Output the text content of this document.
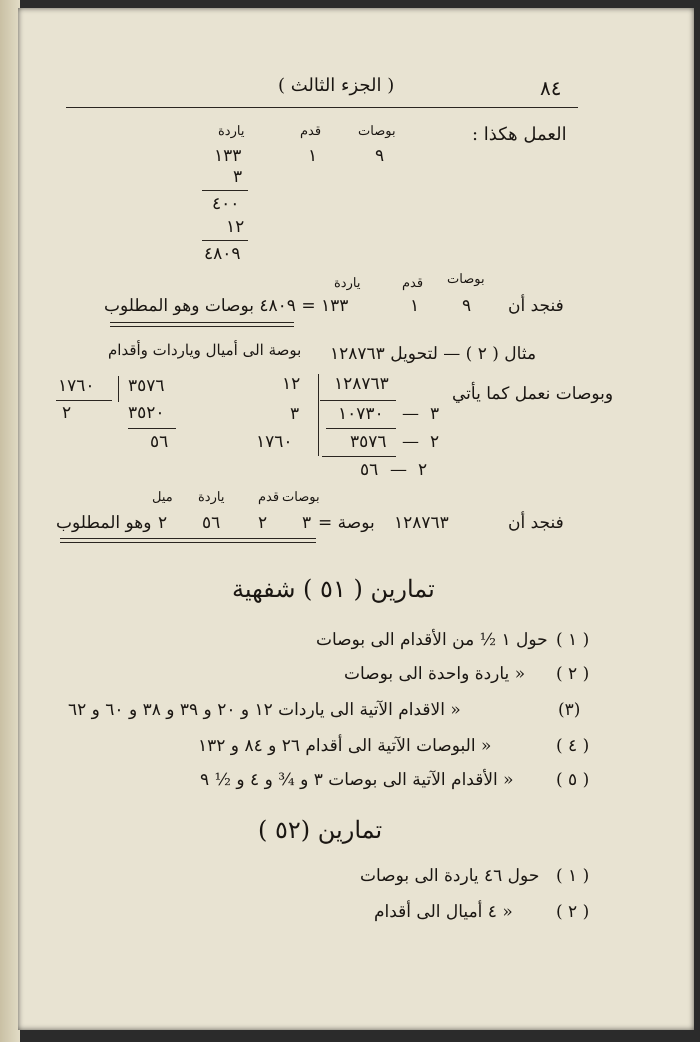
٨٤
( الجزء الثالث )
العمل هكذا :
بوصات
قدم
ياردة
٩
١
١٣٣
٣
٤٠٠
١٢
٤٨٠٩
بوصات
قدم
ياردة
فنجد أن
٩
١
١٣٣ = ٤٨٠٩ بوصات وهو المطلوب
مثال ( ٢ ) — لتحويل ١٢٨٧٦٣
بوصة الى أميال وياردات وأقدام
وبوصات نعمل كما يأتي
١٢٨٧٦٣
١٢
٣
—
١٠٧٣٠
٣
٢
—
٣٥٧٦
١٧٦٠
٢
—
٥٦
٣٥٧٦
١٧٦٠
٣٥٢٠
٢
٥٦
بوصات
قدم
ياردة
ميل
فنجد أن
١٢٨٧٦٣
بوصة =
٣
٢
٥٦
٢
وهو المطلوب
تمارين ( ٥١ ) شفهية
( ١ )
حول ١ ½ من الأقدام الى بوصات
( ٢ )
« ياردة واحدة الى بوصات
(٣)
« الاقدام الآتية الى ياردات ١٢ و ٢٠ و ٣٩ و ٣٨ و ٦٠ و ٦٢
( ٤ )
« البوصات الآتية الى أقدام ٢٦ و ٨٤ و ١٣٢
( ٥ )
« الأقدام الآتية الى بوصات ٣ و ¾ و ٤ و ½ ٩
تمارين (٥٢ )
( ١ )
حول ٤٦ ياردة الى بوصات
( ٢ )
« ٤ أميال الى أقدام
